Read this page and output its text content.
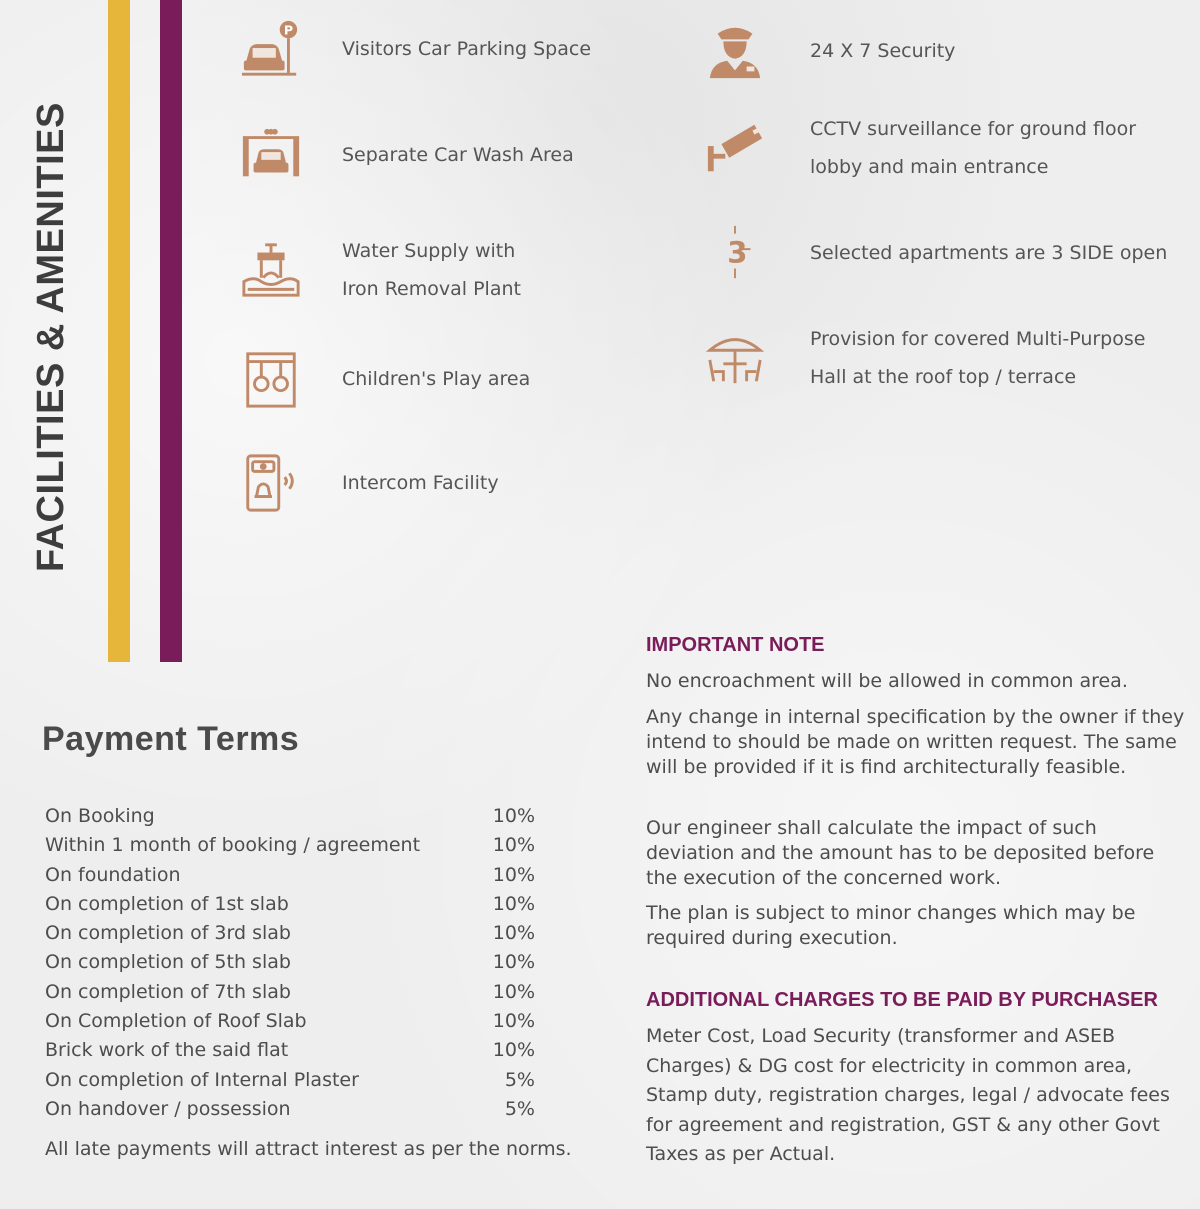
FACILITIES & AMENITIES
P
Visitors Car Parking Space
Separate Car Wash Area
Water Supply with
Iron Removal Plant
Children's Play area
Intercom Facility
24 X 7 Security
CCTV surveillance for ground floor
lobby and main entrance
3	Selected apartments are 3 SIDE open
Provision for covered Multi-Purpose
Hall at the roof top / terrace
Payment Terms
On Booking	10%
Within 1 month of booking / agreement	10%
On foundation	10%
On completion of 1st slab	10%
On completion of 3rd slab	10%
On completion of 5th slab	10%
On completion of 7th slab	10%
On Completion of Roof Slab	10%
Brick work of the said flat	10%
On completion of Internal Plaster	5%
On handover / possession	5%
All late payments will attract interest as per the norms.
IMPORTANT NOTE

No encroachment will be allowed in common area.

Any change in internal specification by the owner if they intend to should be made on written request. The same will be provided if it is find architecturally feasible.

Our engineer shall calculate the impact of such deviation and the amount has to be deposited before the execution of the concerned work.

The plan is subject to minor changes which may be required during execution.

ADDITIONAL CHARGES TO BE PAID BY PURCHASER

Meter Cost, Load Security (transformer and ASEB Charges) & DG cost for electricity in common area, Stamp duty, registration charges, legal / advocate fees for agreement and registration, GST & any other Govt Taxes as per Actual.
